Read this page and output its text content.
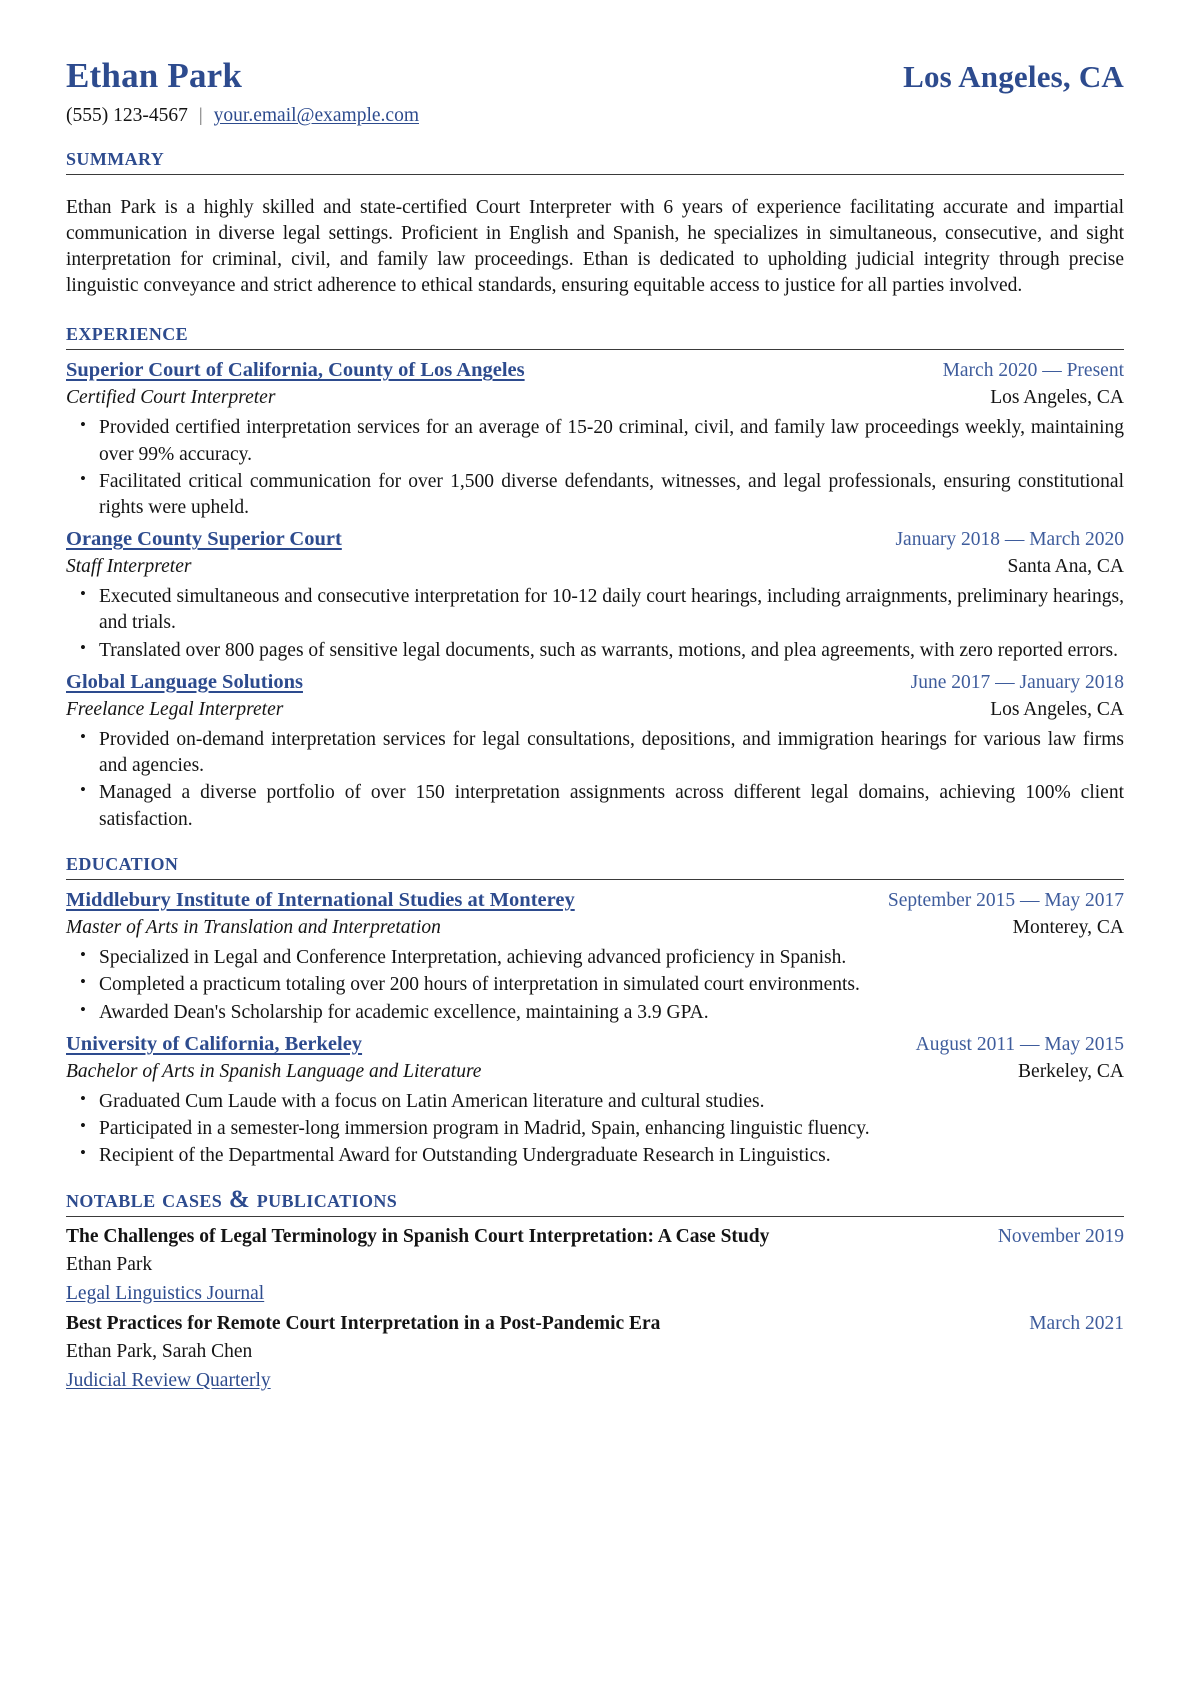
Ethan Park	Los Angeles, CA
(555) 123-4567 | your.email@example.com
summary

Ethan Park is a highly skilled and state-certified Court Interpreter with 6 years of experience facilitating accurate and impartial communication in diverse legal settings. Proficient in English and Spanish, he specializes in simultaneous, consecutive, and sight interpretation for criminal, civil, and family law proceedings. Ethan is dedicated to upholding judicial integrity through precise linguistic conveyance and strict adherence to ethical standards, ensuring equitable access to justice for all parties involved.

experience
Superior Court of California, County of Los Angeles	March 2020 — Present
Certified Court Interpreter	Los Angeles, CA
• Provided certified interpretation services for an average of 15-20 criminal, civil, and family law proceedings weekly, maintaining over 99% accuracy.
• Facilitated critical communication for over 1,500 diverse defendants, witnesses, and legal professionals, ensuring constitutional rights were upheld.
Orange County Superior Court	January 2018 — March 2020
Staff Interpreter	Santa Ana, CA
• Executed simultaneous and consecutive interpretation for 10-12 daily court hearings, including arraignments, preliminary hearings, and trials.
• Translated over 800 pages of sensitive legal documents, such as warrants, motions, and plea agreements, with zero reported errors.
Global Language Solutions	June 2017 — January 2018
Freelance Legal Interpreter	Los Angeles, CA
• Provided on-demand interpretation services for legal consultations, depositions, and immigration hearings for various law firms and agencies.
• Managed a diverse portfolio of over 150 interpretation assignments across different legal domains, achieving 100% client satisfaction.
education
Middlebury Institute of International Studies at Monterey	September 2015 — May 2017
Master of Arts in Translation and Interpretation	Monterey, CA
• Specialized in Legal and Conference Interpretation, achieving advanced proficiency in Spanish.
• Completed a practicum totaling over 200 hours of interpretation in simulated court environments.
• Awarded Dean's Scholarship for academic excellence, maintaining a 3.9 GPA.
University of California, Berkeley	August 2011 — May 2015
Bachelor of Arts in Spanish Language and Literature	Berkeley, CA
• Graduated Cum Laude with a focus on Latin American literature and cultural studies.
• Participated in a semester-long immersion program in Madrid, Spain, enhancing linguistic fluency.
• Recipient of the Departmental Award for Outstanding Undergraduate Research in Linguistics.
notable cases & publications
The Challenges of Legal Terminology in Spanish Court Interpretation: A Case Study	November 2019
Ethan Park
Legal Linguistics Journal
Best Practices for Remote Court Interpretation in a Post-Pandemic Era	March 2021
Ethan Park, Sarah Chen
Judicial Review Quarterly
